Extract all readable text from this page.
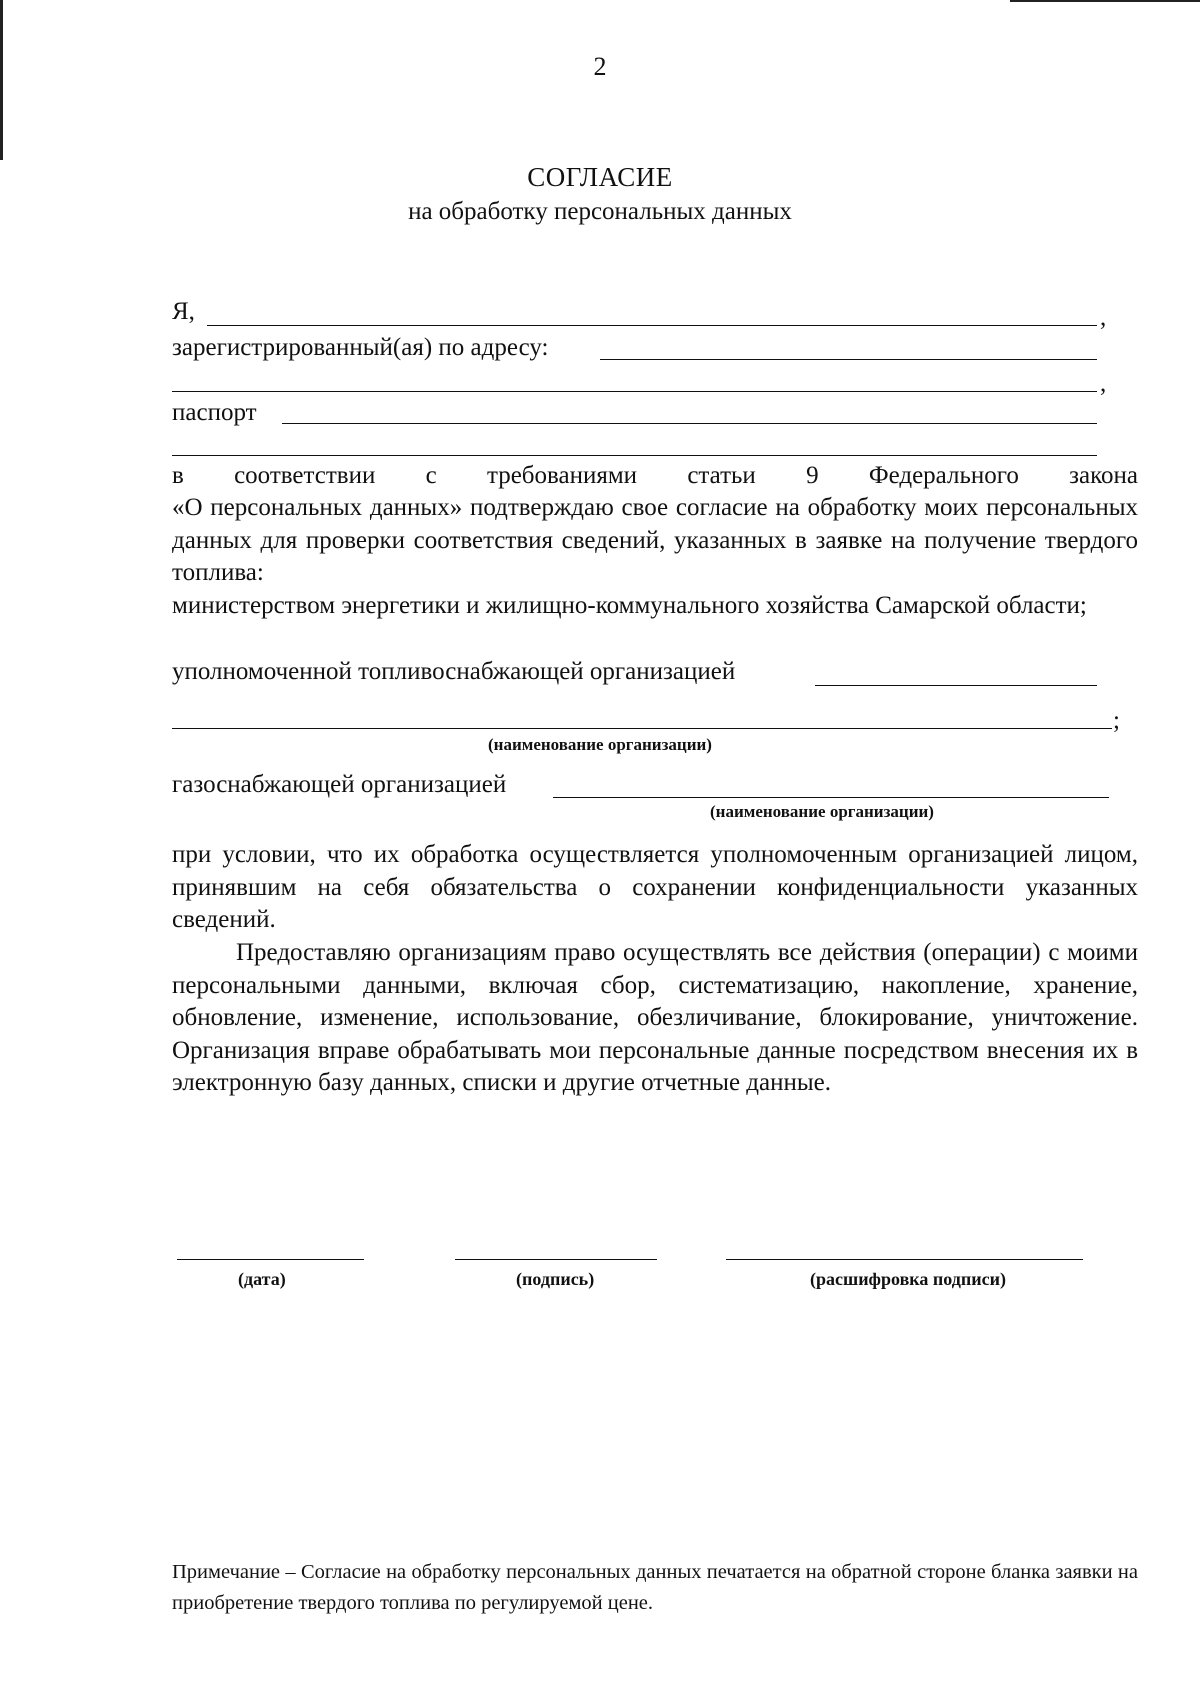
2
СОГЛАСИЕ
на обработку персональных данных
Я,	,
зарегистрированный(ая) по адресу:
,
паспорт
в соответствии с требованиями статьи 9 Федерального закона
«О персональных данных» подтверждаю свое согласие на обработку моих персональных данных для проверки соответствия сведений, указанных в заявке на получение твердого топлива:
министерством энергетики и жилищно-коммунального хозяйства Самарской области;
уполномоченной топливоснабжающей организацией
;
(наименование организации)
газоснабжающей организацией
(наименование организации)
при условии, что их обработка осуществляется уполномоченным организацией лицом, принявшим на себя обязательства о сохранении конфиденциальности указанных сведений.
Предоставляю организациям право осуществлять все действия (операции) с моими персональными данными, включая сбор, систематизацию, накопление, хранение, обновление, изменение, использование, обезличивание, блокирование, уничтожение. Организация вправе обрабатывать мои персональные данные посредством внесения их в электронную базу данных, списки и другие отчетные данные.
(дата)	(подпись)	(расшифровка подписи)
Примечание – Согласие на обработку персональных данных печатается на обратной стороне бланка заявки на приобретение твердого топлива по регулируемой цене.
